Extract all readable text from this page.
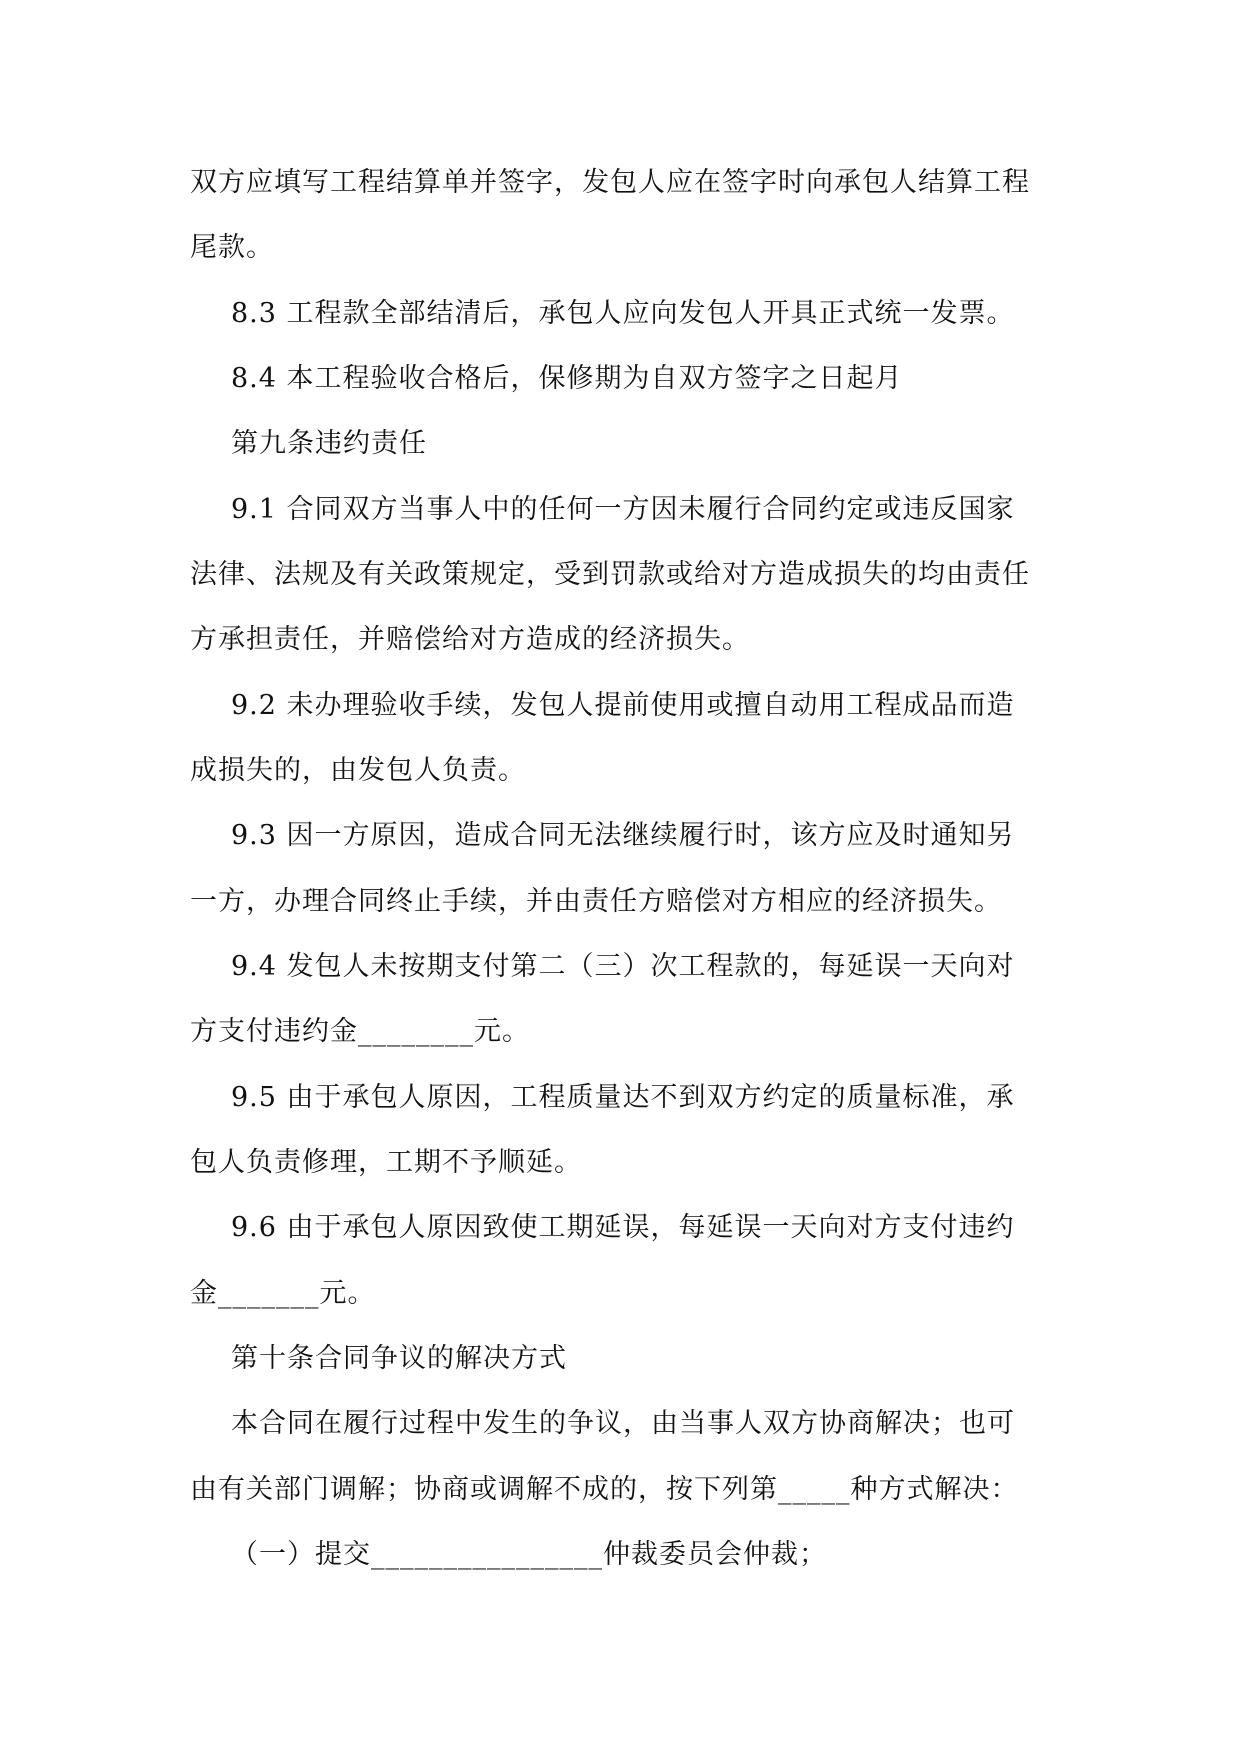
双方应填写工程结算单并签字，发包人应在签字时向承包人结算工程
尾款。
8.3 工程款全部结清后，承包人应向发包人开具正式统一发票。
8.4 本工程验收合格后，保修期为自双方签字之日起月
第九条违约责任
9.1 合同双方当事人中的任何一方因未履行合同约定或违反国家
法律、法规及有关政策规定，受到罚款或给对方造成损失的均由责任
方承担责任，并赔偿给对方造成的经济损失。
9.2 未办理验收手续，发包人提前使用或擅自动用工程成品而造
成损失的，由发包人负责。
9.3 因一方原因，造成合同无法继续履行时，该方应及时通知另
一方，办理合同终止手续，并由责任方赔偿对方相应的经济损失。
9.4 发包人未按期支付第二（三）次工程款的，每延误一天向对
方支付违约金________元。
9.5 由于承包人原因，工程质量达不到双方约定的质量标准，承
包人负责修理，工期不予顺延。
9.6 由于承包人原因致使工期延误，每延误一天向对方支付违约
金_______元。
第十条合同争议的解决方式
本合同在履行过程中发生的争议，由当事人双方协商解决；也可
由有关部门调解；协商或调解不成的，按下列第_____种方式解决：
（一）提交________________仲裁委员会仲裁；
